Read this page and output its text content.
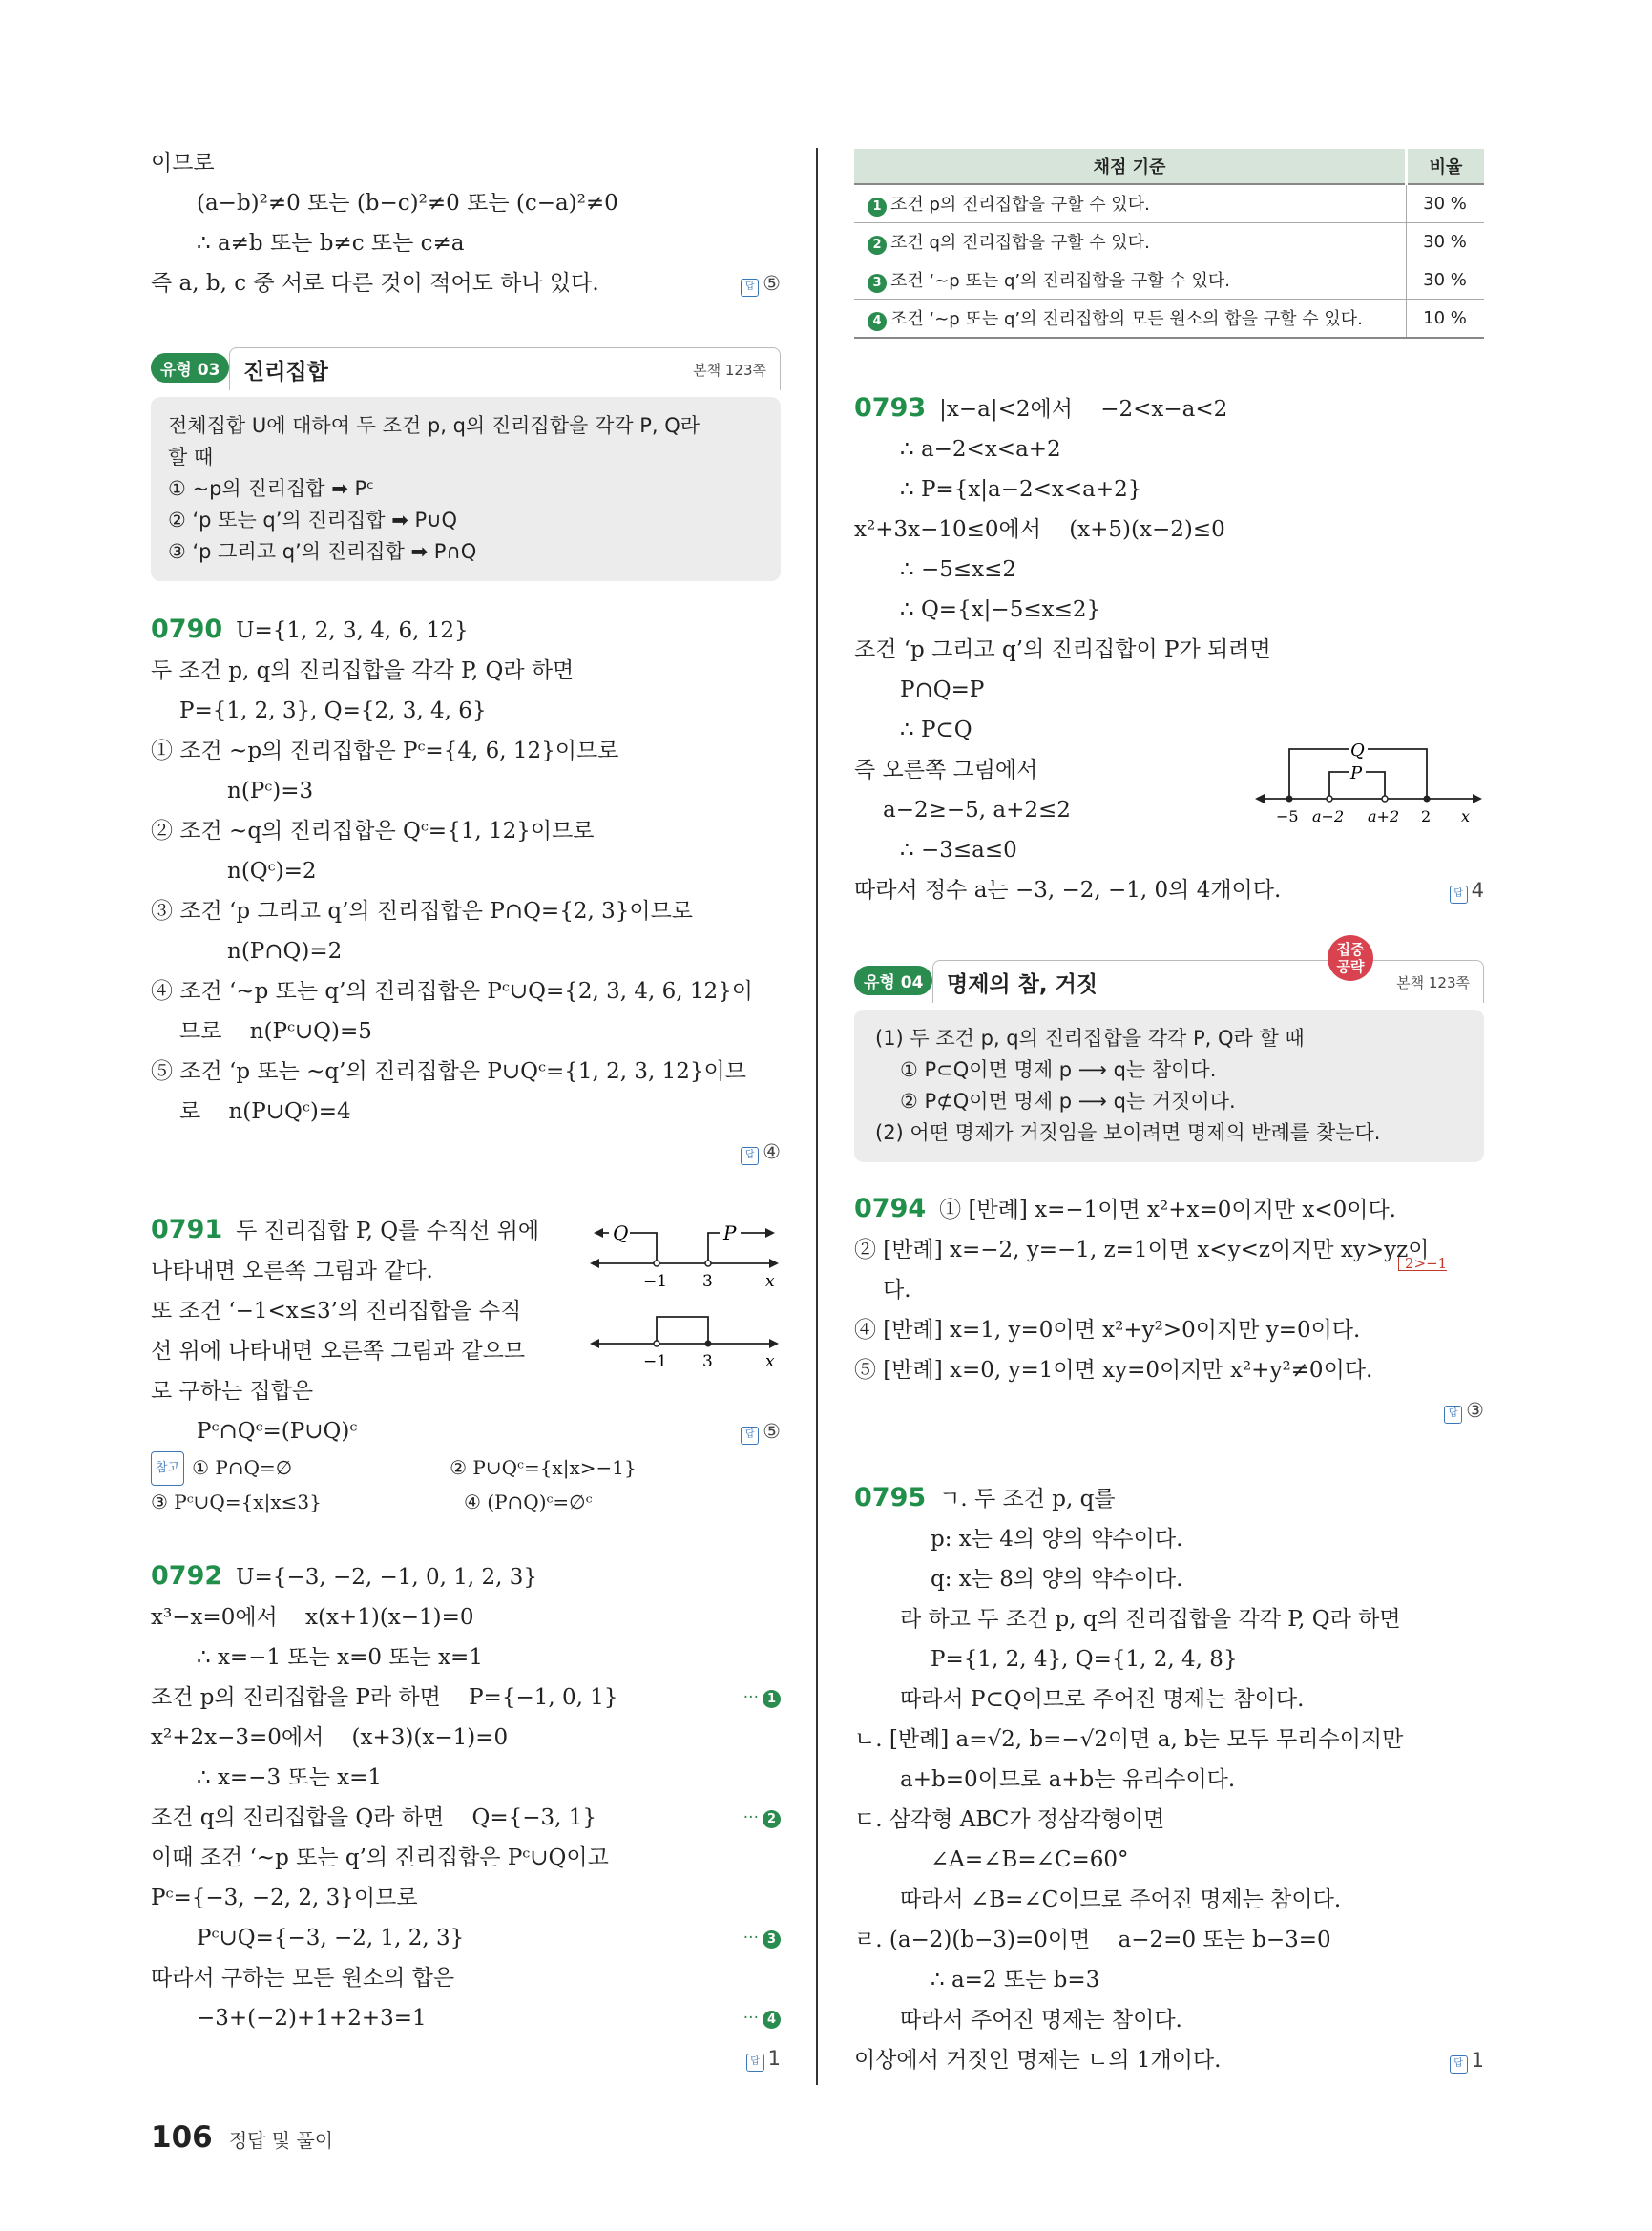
이므로
(a−b)²≠0 또는 (b−c)²≠0 또는 (c−a)²≠0
∴ a≠b 또는 b≠c 또는 c≠a
즉 a, b, c 중 서로 다른 것이 적어도 하나 있다.	답 ⑤
유형 03	진리집합	본책 123쪽
전체집합 U에 대하여 두 조건 p, q의 진리집합을 각각 P, Q라
할 때
① ~p의 진리집합 ➡ Pᶜ
② ‘p 또는 q’의 진리집합 ➡ P∪Q
③ ‘p 그리고 q’의 진리집합 ➡ P∩Q
0790 U={1, 2, 3, 4, 6, 12}
두 조건 p, q의 진리집합을 각각 P, Q라 하면
P={1, 2, 3}, Q={2, 3, 4, 6}
① 조건 ~p의 진리집합은 Pᶜ={4, 6, 12}이므로
n(Pᶜ)=3
② 조건 ~q의 진리집합은 Qᶜ={1, 12}이므로
n(Qᶜ)=2
③ 조건 ‘p 그리고 q’의 진리집합은 P∩Q={2, 3}이므로
n(P∩Q)=2
④ 조건 ‘~p 또는 q’의 진리집합은 Pᶜ∪Q={2, 3, 4, 6, 12}이
므로    n(Pᶜ∪Q)=5
⑤ 조건 ‘p 또는 ~q’의 진리집합은 P∪Qᶜ={1, 2, 3, 12}이므
로    n(P∪Qᶜ)=4
답 ④

0791 두 진리집합 P, Q를 수직선 위에
나타내면 오른쪽 그림과 같다.
또 조건 ‘−1<x≤3’의 진리집합을 수직
선 위에 나타내면 오른쪽 그림과 같으므
로 구하는 집합은
Pᶜ∩Qᶜ=(P∪Q)ᶜ	답 ⑤
Q	P
−1 3	x
−1 3	x
참고 ① P∩Q=∅	② P∪Qᶜ={x|x>−1}
③ Pᶜ∪Q={x|x≤3}	④ (P∩Q)ᶜ=∅ᶜ
0792 U={−3, −2, −1, 0, 1, 2, 3}
x³−x=0에서    x(x+1)(x−1)=0
∴ x=−1 또는 x=0 또는 x=1
조건 p의 진리집합을 P라 하면    P={−1, 0, 1}	··· 1
x²+2x−3=0에서    (x+3)(x−1)=0
∴ x=−3 또는 x=1
조건 q의 진리집합을 Q라 하면    Q={−3, 1}	··· 2
이때 조건 ‘~p 또는 q’의 진리집합은 Pᶜ∪Q이고
Pᶜ={−3, −2, 2, 3}이므로
Pᶜ∪Q={−3, −2, 1, 2, 3}	··· 3
따라서 구하는 모든 원소의 합은
−3+(−2)+1+2+3=1	··· 4
답 1

채점 기준	비율
1 조건 p의 진리집합을 구할 수 있다.	30 %
2 조건 q의 진리집합을 구할 수 있다.	30 %
3 조건 ‘~p 또는 q’의 진리집합을 구할 수 있다.	30 %
4 조건 ‘~p 또는 q’의 진리집합의 모든 원소의 합을 구할 수 있다.	10 %
0793 |x−a|<2에서    −2<x−a<2
∴ a−2<x<a+2
∴ P={x|a−2<x<a+2}
x²+3x−10≤0에서    (x+5)(x−2)≤0
∴ −5≤x≤2
∴ Q={x|−5≤x≤2}
조건 ‘p 그리고 q’의 진리집합이 P가 되려면
P∩Q=P
∴ P⊂Q
즉 오른쪽 그림에서
a−2≥−5, a+2≤2
∴ −3≤a≤0
따라서 정수 a는 −3, −2, −1, 0의 4개이다.	답 4
Q
P
−5 a−2 a+2 2 x
유형 04	명제의 참, 거짓	본책 123쪽
집중
공략
(1) 두 조건 p, q의 진리집합을 각각 P, Q라 할 때
① P⊂Q이면 명제 p ⟶ q는 참이다.
② P⊄Q이면 명제 p ⟶ q는 거짓이다.
(2) 어떤 명제가 거짓임을 보이려면 명제의 반례를 찾는다.
0794 ① [반례] x=−1이면 x²+x=0이지만 x<0이다.
② [반례] x=−2, y=−1, z=1이면 x<y<z이지만 xy>yz이
2>−1
다.
④ [반례] x=1, y=0이면 x²+y²>0이지만 y=0이다.
⑤ [반례] x=0, y=1이면 xy=0이지만 x²+y²≠0이다.
답 ③

0795 ㄱ. 두 조건 p, q를
p: x는 4의 양의 약수이다.
q: x는 8의 양의 약수이다.
라 하고 두 조건 p, q의 진리집합을 각각 P, Q라 하면
P={1, 2, 4}, Q={1, 2, 4, 8}
따라서 P⊂Q이므로 주어진 명제는 참이다.
ㄴ. [반례] a=√2, b=−√2이면 a, b는 모두 무리수이지만
a+b=0이므로 a+b는 유리수이다.
ㄷ. 삼각형 ABC가 정삼각형이면
∠A=∠B=∠C=60°
따라서 ∠B=∠C이므로 주어진 명제는 참이다.
ㄹ. (a−2)(b−3)=0이면    a−2=0 또는 b−3=0
∴ a=2 또는 b=3
따라서 주어진 명제는 참이다.
이상에서 거짓인 명제는 ㄴ의 1개이다.	답 1
106 정답 및 풀이
